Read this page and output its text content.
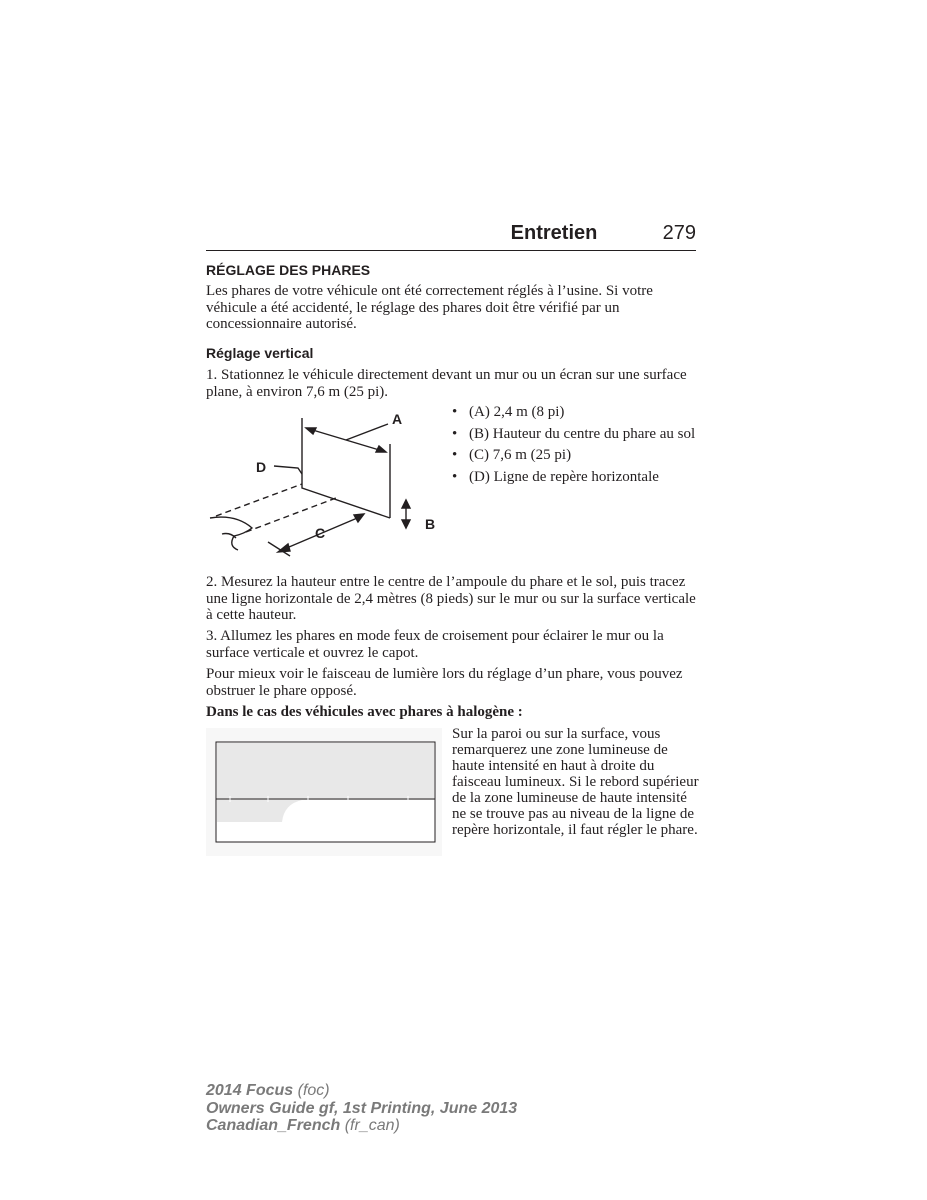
Entretien	279
RÉGLAGE DES PHARES
Les phares de votre véhicule ont été correctement réglés à l’usine. Si votre véhicule a été accidenté, le réglage des phares doit être vérifié par un concessionnaire autorisé.
Réglage vertical
1. Stationnez le véhicule directement devant un mur ou un écran sur une surface plane, à environ 7,6 m (25 pi).
A
D
B
C
• (A) 2,4 m (8 pi)
• (B) Hauteur du centre du phare au sol
• (C) 7,6 m (25 pi)
• (D) Ligne de repère horizontale
2. Mesurez la hauteur entre le centre de l’ampoule du phare et le sol, puis tracez une ligne horizontale de 2,4 mètres (8 pieds) sur le mur ou sur la surface verticale à cette hauteur.
3. Allumez les phares en mode feux de croisement pour éclairer le mur ou la surface verticale et ouvrez le capot.
Pour mieux voir le faisceau de lumière lors du réglage d’un phare, vous pouvez obstruer le phare opposé.
Dans le cas des véhicules avec phares à halogène :
Sur la paroi ou sur la surface, vous remarquerez une zone lumineuse de haute intensité en haut à droite du faisceau lumineux. Si le rebord supérieur de la zone lumineuse de haute intensité ne se trouve pas au niveau de la ligne de repère horizontale, il faut régler le phare.
2014 Focus (foc)
Owners Guide gf, 1st Printing, June 2013
Canadian_French (fr_can)
